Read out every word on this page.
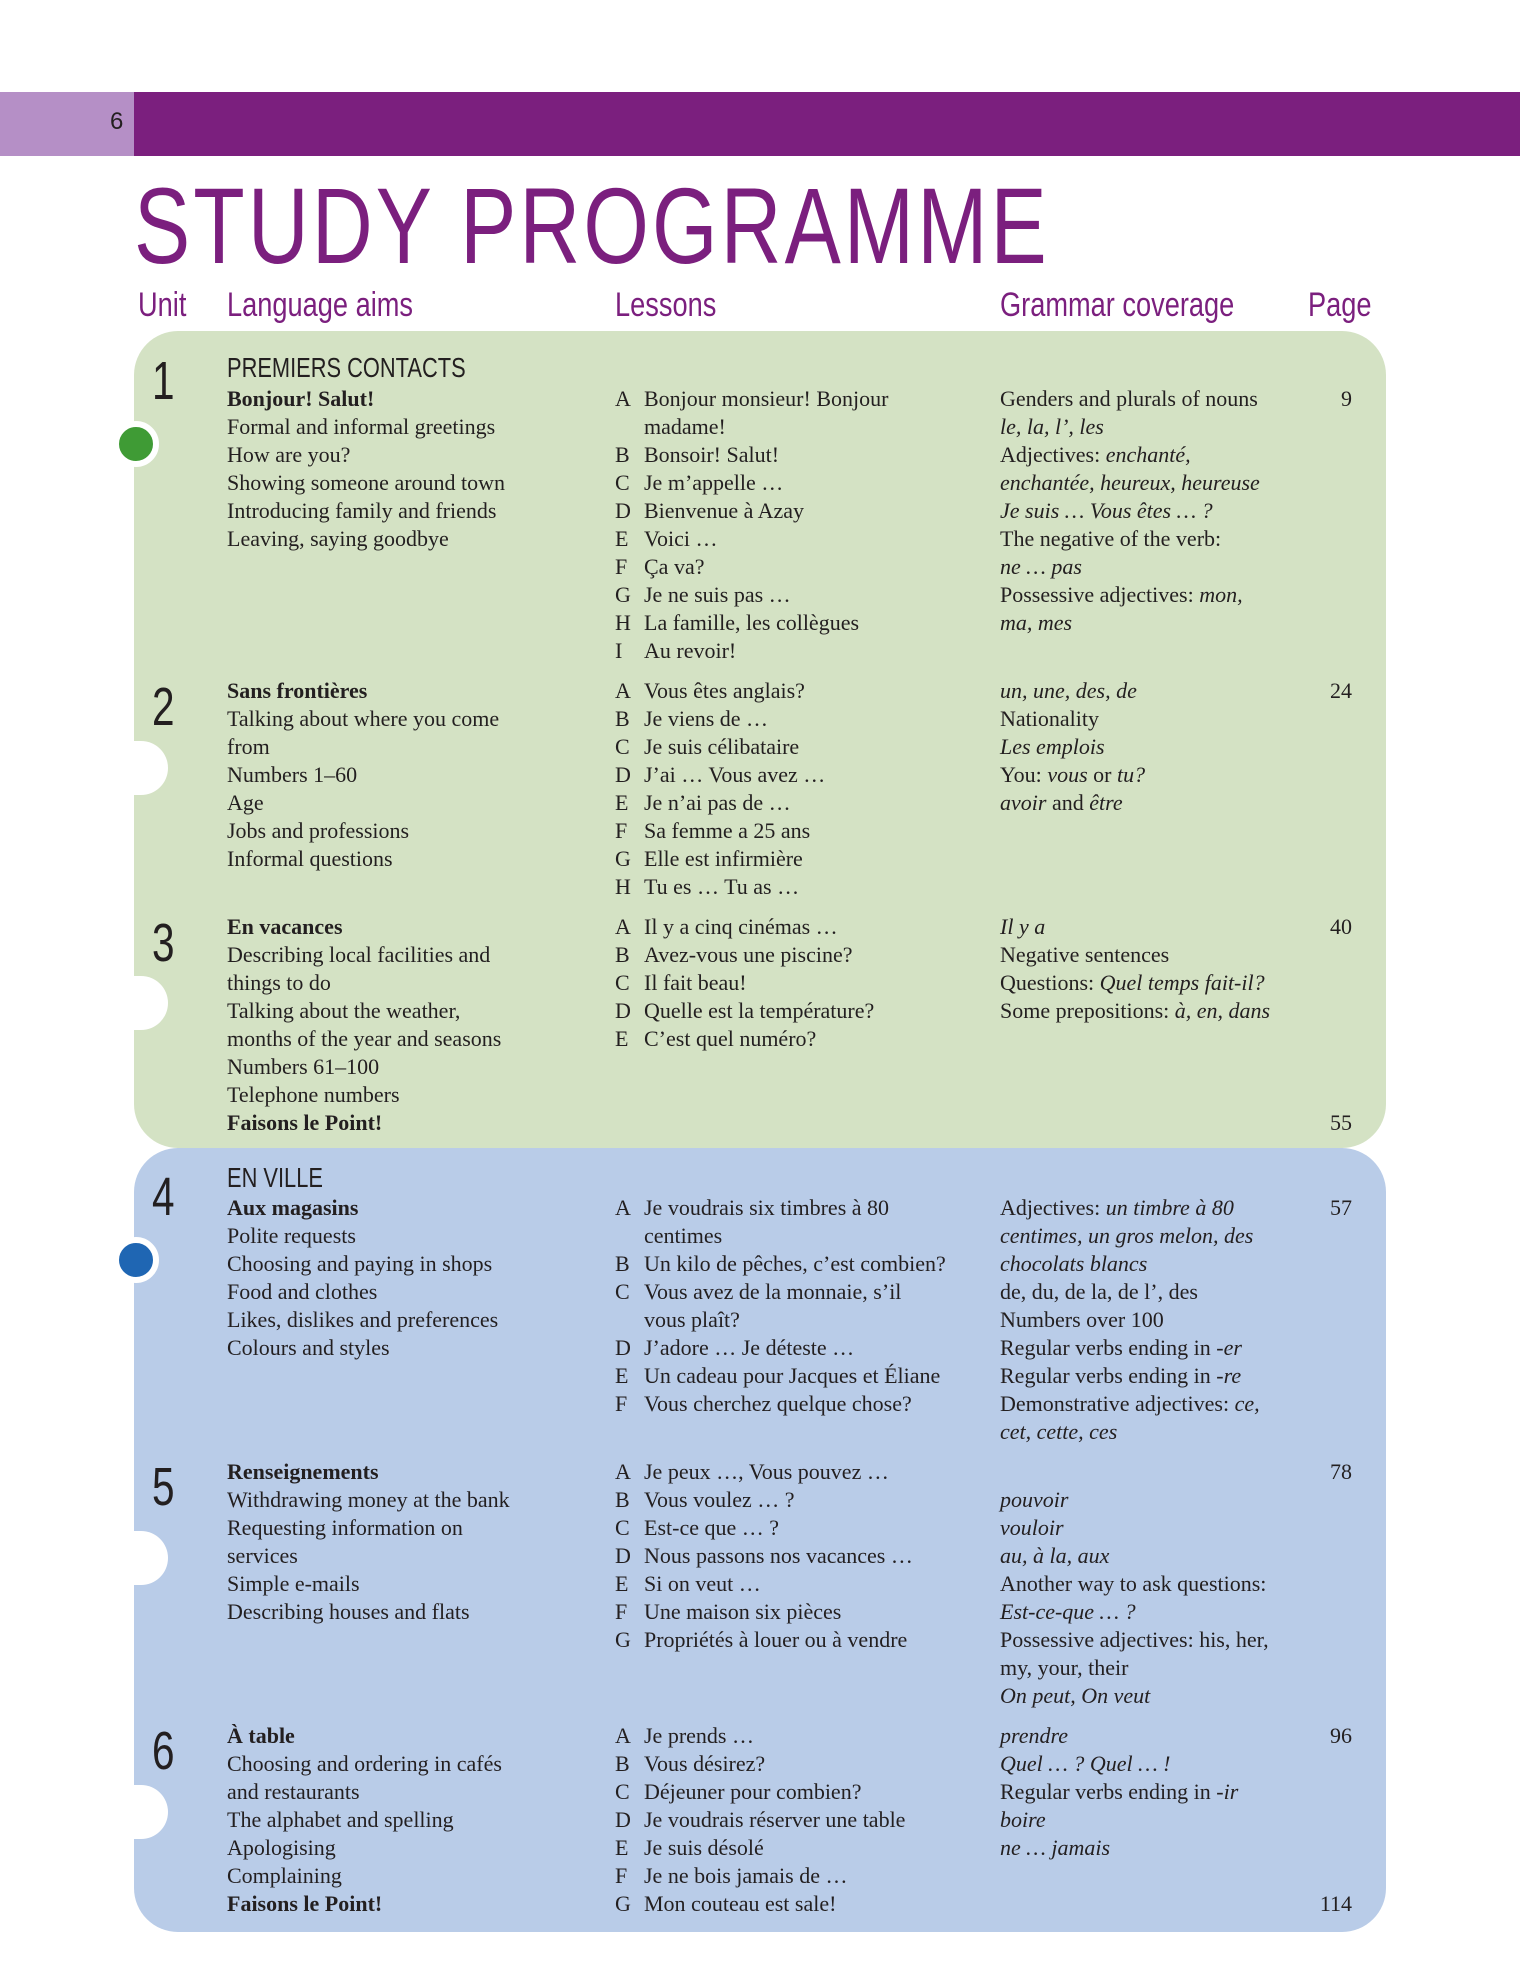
6
STUDY PROGRAMME
Unit Language aims	Lessons	Grammar coverage Page
PREMIERS CONTACTS
EN VILLE
1
2
3
4
5
6
Bonjour! Salut!
Formal and informal greetings
How are you?
Showing someone around town
Introducing family and friends
Leaving, saying goodbye
A Bonjour monsieur! Bonjour
madame!
B Bonsoir! Salut!
C Je m’appelle …
D Bienvenue à Azay
E Voici …
F Ça va?
G Je ne suis pas …
H La famille, les collègues
I Au revoir!
Genders and plurals of nouns
le, la, l’, les
Adjectives: enchanté,
enchantée, heureux, heureuse
Je suis … Vous êtes … ?
The negative of the verb:
ne … pas
Possessive adjectives: mon,
ma, mes
9
Sans frontières
Talking about where you come
from
Numbers 1–60
Age
Jobs and professions
Informal questions
A Vous êtes anglais?
B Je viens de …
C Je suis célibataire
D J’ai … Vous avez …
E Je n’ai pas de …
F Sa femme a 25 ans
G Elle est infirmière
H Tu es … Tu as …
un, une, des, de
Nationality
Les emplois
You: vous or tu?
avoir and être
24
En vacances
Describing local facilities and
things to do
Talking about the weather,
months of the year and seasons
Numbers 61–100
Telephone numbers
Faisons le Point!
A Il y a cinq cinémas …
B Avez-vous une piscine?
C Il fait beau!
D Quelle est la température?
E C’est quel numéro?
Il y a
Negative sentences
Questions: Quel temps fait-il?
Some prepositions: à, en, dans
40
55
Aux magasins
Polite requests
Choosing and paying in shops
Food and clothes
Likes, dislikes and preferences
Colours and styles
A Je voudrais six timbres à 80
centimes
B Un kilo de pêches, c’est combien?
C Vous avez de la monnaie, s’il
vous plaît?
D J’adore … Je déteste …
E Un cadeau pour Jacques et Éliane
F Vous cherchez quelque chose?
Adjectives: un timbre à 80
centimes, un gros melon, des
chocolats blancs
de, du, de la, de l’, des
Numbers over 100
Regular verbs ending in -er
Regular verbs ending in -re
Demonstrative adjectives: ce,
cet, cette, ces
57
Renseignements
Withdrawing money at the bank
Requesting information on
services
Simple e-mails
Describing houses and flats
A Je peux …, Vous pouvez …
B Vous voulez … ?
C Est-ce que … ?
D Nous passons nos vacances …
E Si on veut …
F Une maison six pièces
G Propriétés à louer ou à vendre
pouvoir
vouloir
au, à la, aux
Another way to ask questions:
Est-ce-que … ?
Possessive adjectives: his, her,
my, your, their
On peut, On veut
78
À table
Choosing and ordering in cafés
and restaurants
The alphabet and spelling
Apologising
Complaining
Faisons le Point!
A Je prends …
B Vous désirez?
C Déjeuner pour combien?
D Je voudrais réserver une table
E Je suis désolé
F Je ne bois jamais de …
G Mon couteau est sale!
prendre
Quel … ? Quel … !
Regular verbs ending in -ir
boire
ne … jamais
96
114
